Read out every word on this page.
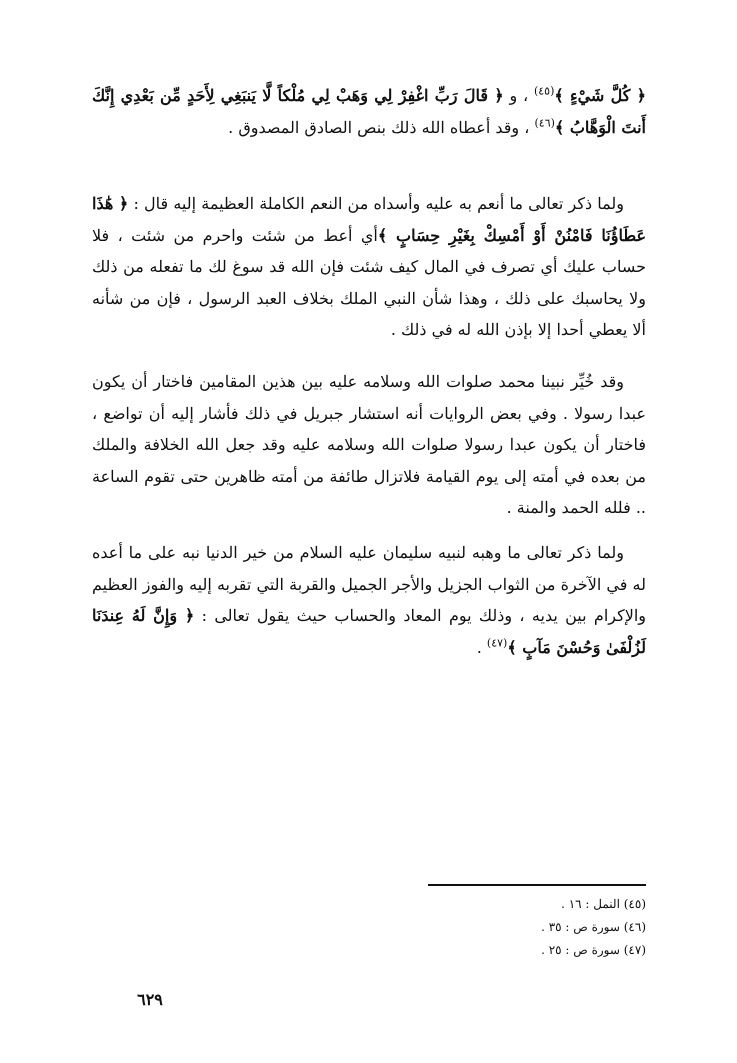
﴿ كُلَّ شَيْءٍ ﴾$^{(٤٥)}$ ، و ﴿ قَالَ رَبِّ اغْفِرْ لِي وَهَبْ لِي مُلْكاً لَّا يَنبَغِي لِأَحَدٍ مِّن بَعْدِي إِنَّكَ أَنتَ الْوَهَّابُ ﴾$^{(٤٦)}$ ، وقد أعطاه الله ذلك بنص الصادق المصدوق .

ولما ذكر تعالى ما أنعم به عليه وأسداه من النعم الكاملة العظيمة إليه قال : ﴿ هَٰذَا عَطَاؤُنَا فَامْنُنْ أَوْ أَمْسِكْ بِغَيْرِ حِسَابٍ ﴾أي أعط من شئت واحرم من شئت ، فلا حساب عليك أي تصرف في المال كيف شئت فإن الله قد سوغ لك ما تفعله من ذلك ولا يحاسبك على ذلك ، وهذا شأن النبي الملك بخلاف العبد الرسول ، فإن من شأنه ألا يعطي أحدا إلا بإذن الله له في ذلك .

وقد خُيِّر نبينا محمد صلوات الله وسلامه عليه بين هذين المقامين فاختار أن يكون عبدا رسولا . وفي بعض الروايات أنه استشار جبريل في ذلك فأشار إليه أن تواضع ، فاختار أن يكون عبدا رسولا صلوات الله وسلامه عليه وقد جعل الله الخلافة والملك من بعده في أمته إلى يوم القيامة فلاتزال طائفة من أمته ظاهرين حتى تقوم الساعة .. فلله الحمد والمنة .

ولما ذكر تعالى ما وهبه لنبيه سليمان عليه السلام من خير الدنيا نبه على ما أعده له في الآخرة من الثواب الجزيل والأجر الجميل والقربة التي تقربه إليه والفوز العظيم والإكرام بين يديه ، وذلك يوم المعاد والحساب حيث يقول تعالى : ﴿ وَإِنَّ لَهُ عِندَنَا لَزُلْفَىٰ وَحُسْنَ مَآبٍ ﴾$^{(٤٧)}$ .

(٤٥) النمل : ١٦ .
(٤٦) سورة ص : ٣٥ .
(٤٧) سورة ص : ٢٥ .
٦٢٩
